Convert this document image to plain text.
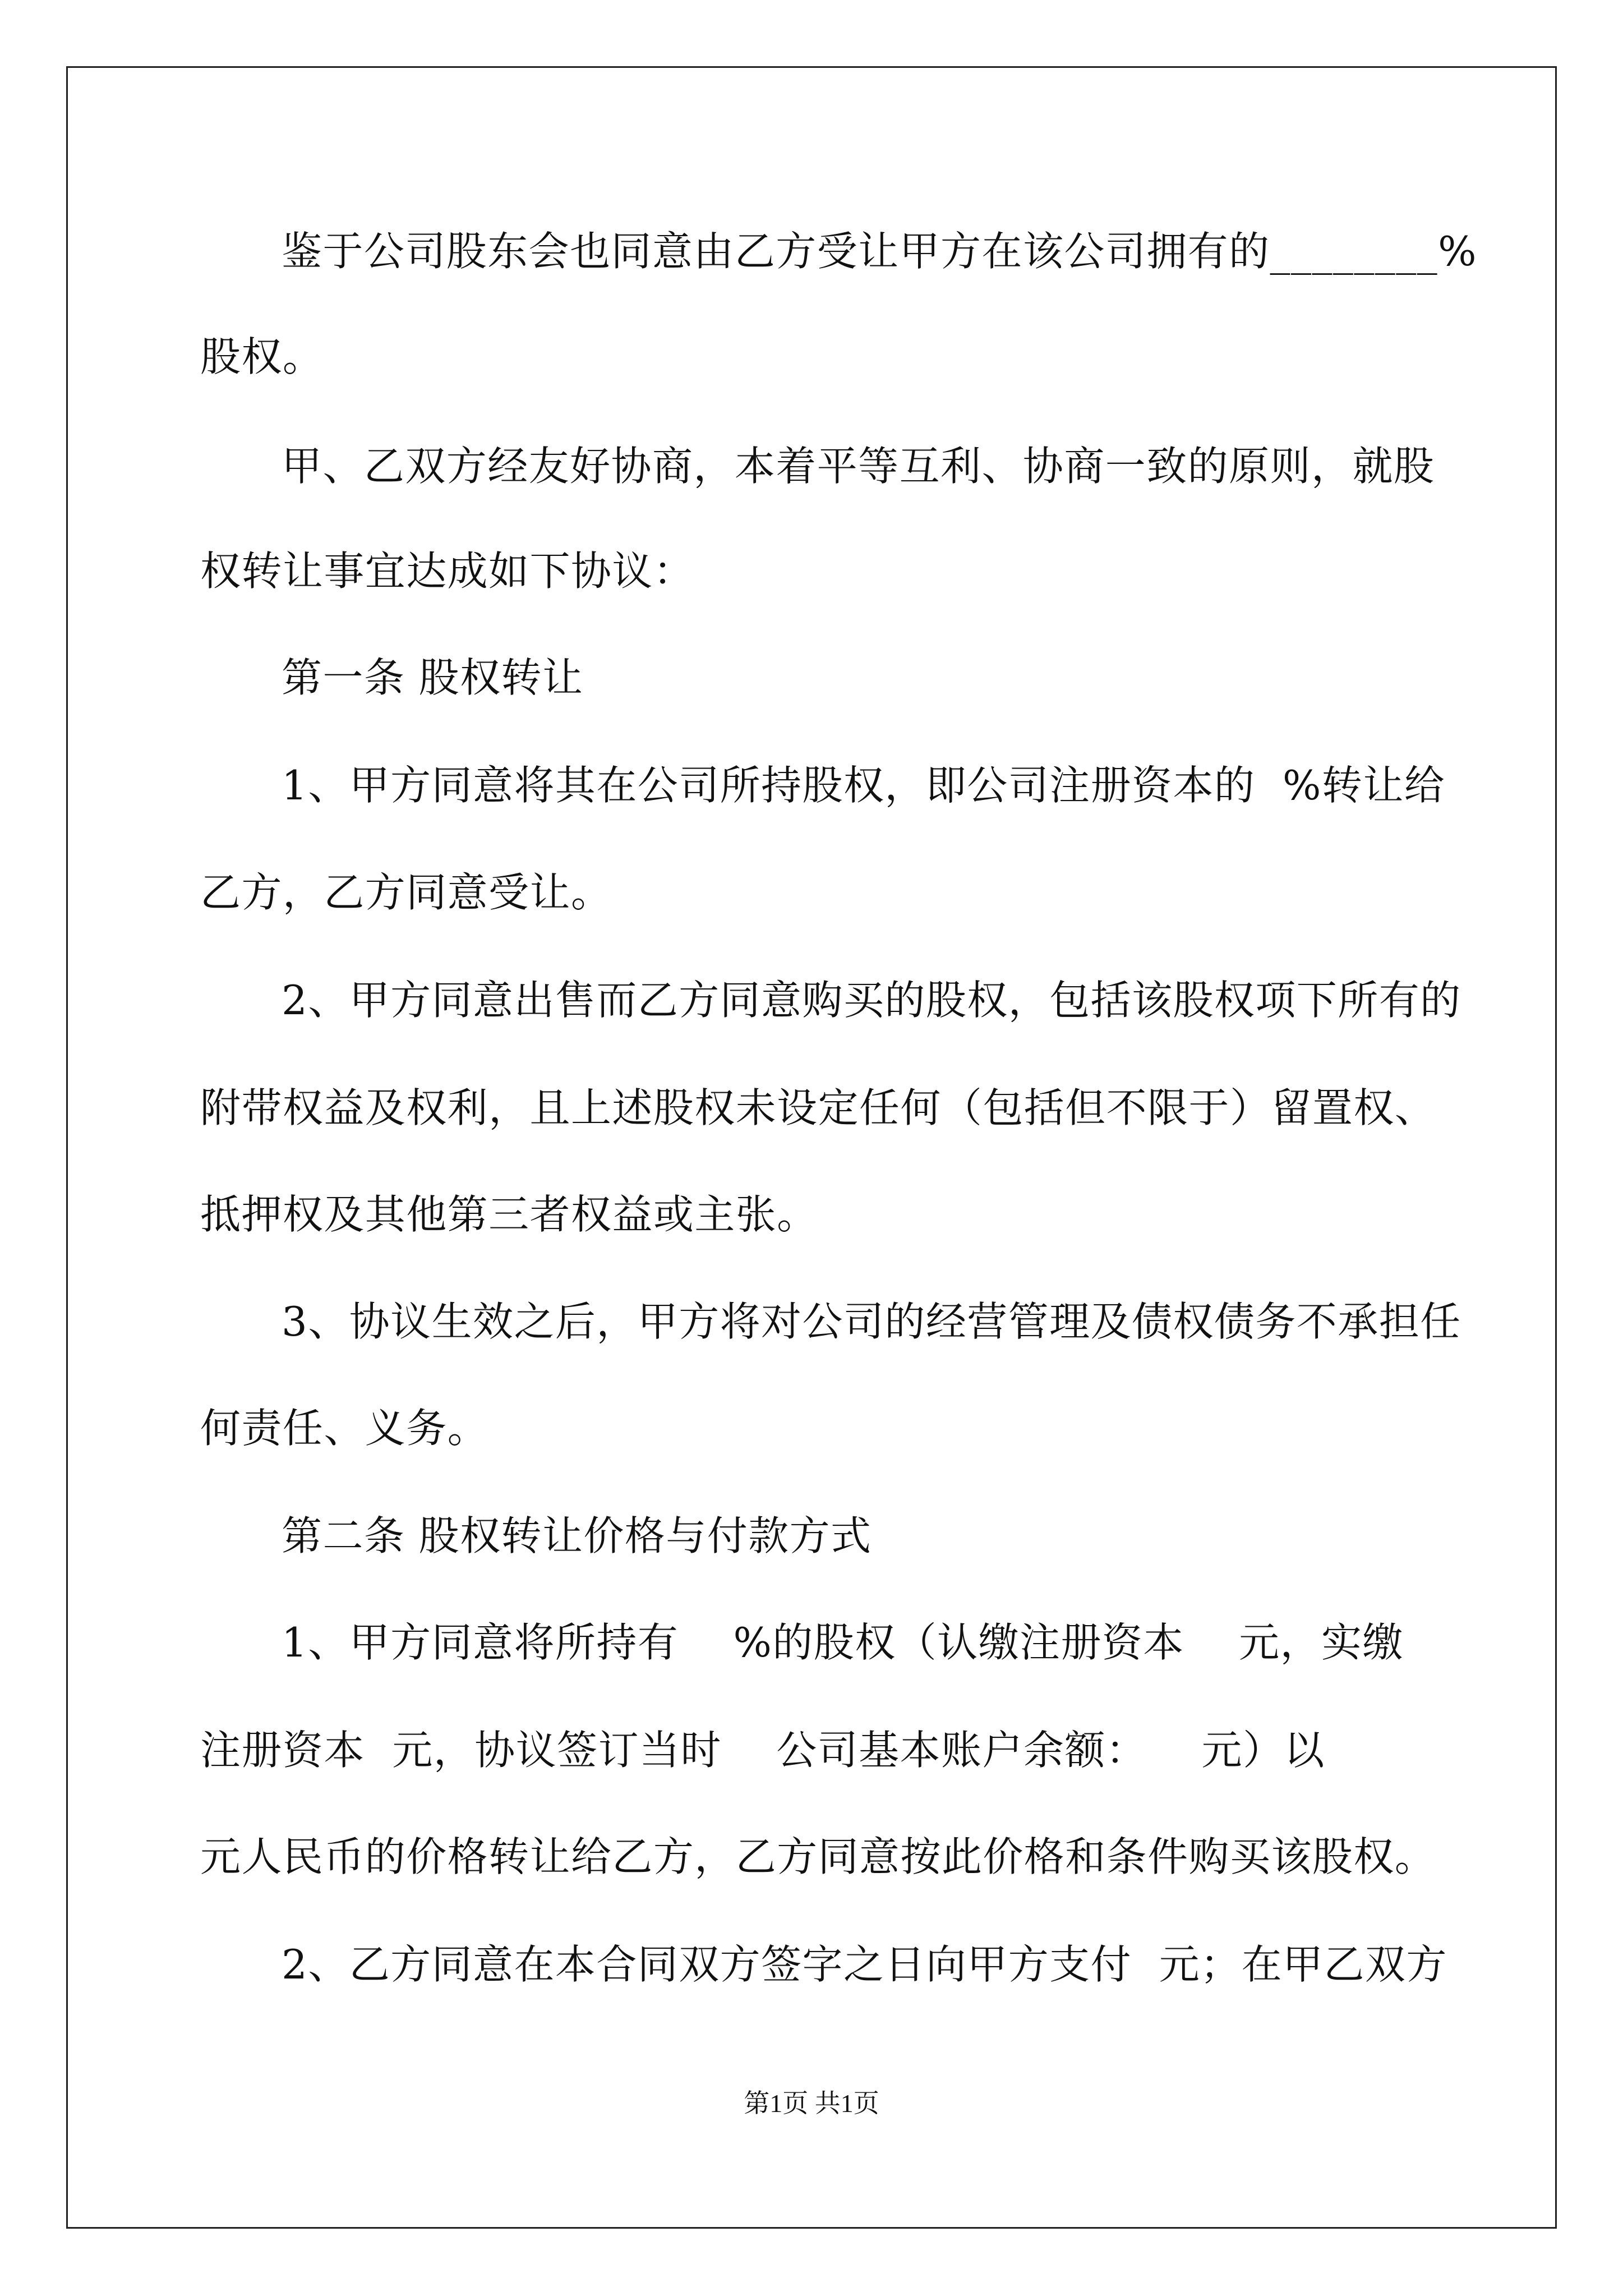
鉴于公司股东会也同意由乙方受让甲方在该公司拥有的________%
股权。
甲、乙双方经友好协商，本着平等互利、协商一致的原则，就股
权转让事宜达成如下协议：
第一条 股权转让
1、甲方同意将其在公司所持股权，即公司注册资本的  %转让给
乙方，乙方同意受让。
2、甲方同意出售而乙方同意购买的股权，包括该股权项下所有的
附带权益及权利，且上述股权未设定任何（包括但不限于）留置权、
抵押权及其他第三者权益或主张。
3、协议生效之后，甲方将对公司的经营管理及债权债务不承担任
何责任、义务。
第二条 股权转让价格与付款方式
1、甲方同意将所持有    %的股权（认缴注册资本    元，实缴
注册资本  元，协议签订当时    公司基本账户余额：    元）以
元人民币的价格转让给乙方，乙方同意按此价格和条件购买该股权。
2、乙方同意在本合同双方签字之日向甲方支付  元；在甲乙双方
第1页 共1页
